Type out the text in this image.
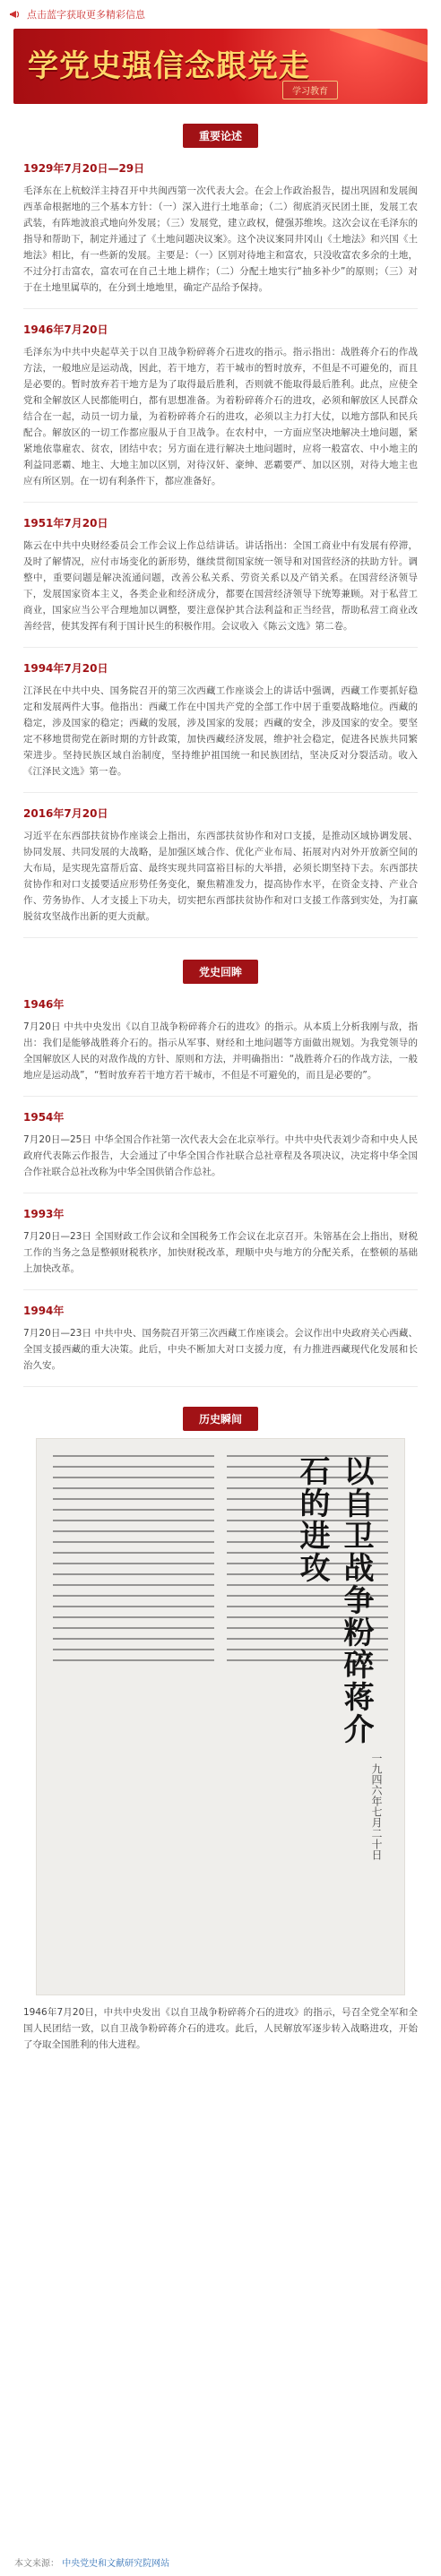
点击蓝字获取更多精彩信息
学党史强信念跟党走
学习教育
重要论述
1929年7月20日—29日
毛泽东在上杭蛟洋主持召开中共闽西第一次代表大会。在会上作政治报告，提出巩固和发展闽西革命根据地的三个基本方针：（一）深入进行土地革命；（二）彻底消灭民团土匪，发展工农武装，有阵地波浪式地向外发展；（三）发展党，建立政权，健强苏维埃。这次会议在毛泽东的指导和帮助下，制定并通过了《土地问题决议案》。这个决议案同井冈山《土地法》和兴国《土地法》相比，有一些新的发展。主要是：（一）区别对待地主和富农，只没收富农多余的土地，不过分打击富农，富农可在自己土地上耕作；（二）分配土地实行“抽多补少”的原则；（三）对于在土地里属草的，在分到土地地里，确定产品给予保持。
1946年7月20日
毛泽东为中共中央起草关于以自卫战争粉碎蒋介石进攻的指示。指示指出：战胜蒋介石的作战方法，一般地应是运动战，因此，若干地方，若干城市的暂时放弃，不但是不可避免的，而且是必要的。暂时放弃若干地方是为了取得最后胜利，否则就不能取得最后胜利。此点，应使全党和全解放区人民都能明白，都有思想准备。为着粉碎蒋介石的进攻，必须和解放区人民群众结合在一起，动员一切力量，为着粉碎蒋介石的进攻，必须以主力打大仗，以地方部队和民兵配合。解放区的一切工作都应服从于自卫战争。在农村中，一方面应坚决地解决土地问题，紧紧地依靠雇农、贫农，团结中农；另方面在进行解决土地问题时，应将一般富农、中小地主的利益同恶霸、地主、大地主加以区别，对待汉奸、豪绅、恶霸要严、加以区别，对待大地主也应有所区别。在一切有利条件下，都应准备好。
1951年7月20日
陈云在中共中央财经委员会工作会议上作总结讲话。讲话指出：全国工商业中有发展有停滞，及时了解情况，应付市场变化的新形势，继续贯彻国家统一领导和对国营经济的扶助方针。调整中，重要问题是解决流通问题，改善公私关系、劳资关系以及产销关系。在国营经济领导下，发展国家资本主义，各类企业和经济成分，都要在国营经济领导下统筹兼顾。对于私营工商业，国家应当公平合理地加以调整，要注意保护其合法利益和正当经营，帮助私营工商业改善经营，使其发挥有利于国计民生的积极作用。会议收入《陈云文选》第二卷。
1994年7月20日
江泽民在中共中央、国务院召开的第三次西藏工作座谈会上的讲话中强调，西藏工作要抓好稳定和发展两件大事。他指出：西藏工作在中国共产党的全部工作中居于重要战略地位。西藏的稳定，涉及国家的稳定；西藏的发展，涉及国家的发展；西藏的安全，涉及国家的安全。要坚定不移地贯彻党在新时期的方针政策，加快西藏经济发展，维护社会稳定，促进各民族共同繁荣进步。坚持民族区域自治制度，坚持维护祖国统一和民族团结，坚决反对分裂活动。收入《江泽民文选》第一卷。
2016年7月20日
习近平在东西部扶贫协作座谈会上指出，东西部扶贫协作和对口支援，是推动区域协调发展、协同发展、共同发展的大战略，是加强区域合作、优化产业布局、拓展对内对外开放新空间的大布局，是实现先富帮后富、最终实现共同富裕目标的大举措，必须长期坚持下去。东西部扶贫协作和对口支援要适应形势任务变化，聚焦精准发力，提高协作水平，在资金支持、产业合作、劳务协作、人才支援上下功夫，切实把东西部扶贫协作和对口支援工作落到实处，为打赢脱贫攻坚战作出新的更大贡献。
党史回眸
1946年
7月20日 中共中央发出《以自卫战争粉碎蒋介石的进攻》的指示。从本质上分析我刚与敌，指出：我们是能够战胜蒋介石的。指示从军事、财经和土地问题等方面做出规划。为我党领导的全国解放区人民的对敌作战的方针、原则和方法，并明确指出：“战胜蒋介石的作战方法，一般地应是运动战”，“暂时放弃若干地方若干城市，不但是不可避免的，而且是必要的”。
1954年
7月20日—25日 中华全国合作社第一次代表大会在北京举行。中共中央代表刘少奇和中央人民政府代表陈云作报告，大会通过了中华全国合作社联合总社章程及各项决议，决定将中华全国合作社联合总社改称为中华全国供销合作总社。
1993年
7月20日—23日 全国财政工作会议和全国税务工作会议在北京召开。朱镕基在会上指出，财税工作的当务之急是整顿财税秩序，加快财税改革，理顺中央与地方的分配关系，在整顿的基础上加快改革。
1994年
7月20日—23日 中共中央、国务院召开第三次西藏工作座谈会。会议作出中央政府关心西藏、全国支援西藏的重大决策。此后，中央不断加大对口支援力度，有力推进西藏现代化发展和长治久安。
历史瞬间
以自卫战争粉碎蒋介石的进攻
一九四六年七月二十日
1946年7月20日，中共中央发出《以自卫战争粉碎蒋介石的进攻》的指示，号召全党全军和全国人民团结一致，以自卫战争粉碎蒋介石的进攻。此后，人民解放军逐步转入战略进攻，开始了夺取全国胜利的伟大进程。
本文来源： 中央党史和文献研究院网站
